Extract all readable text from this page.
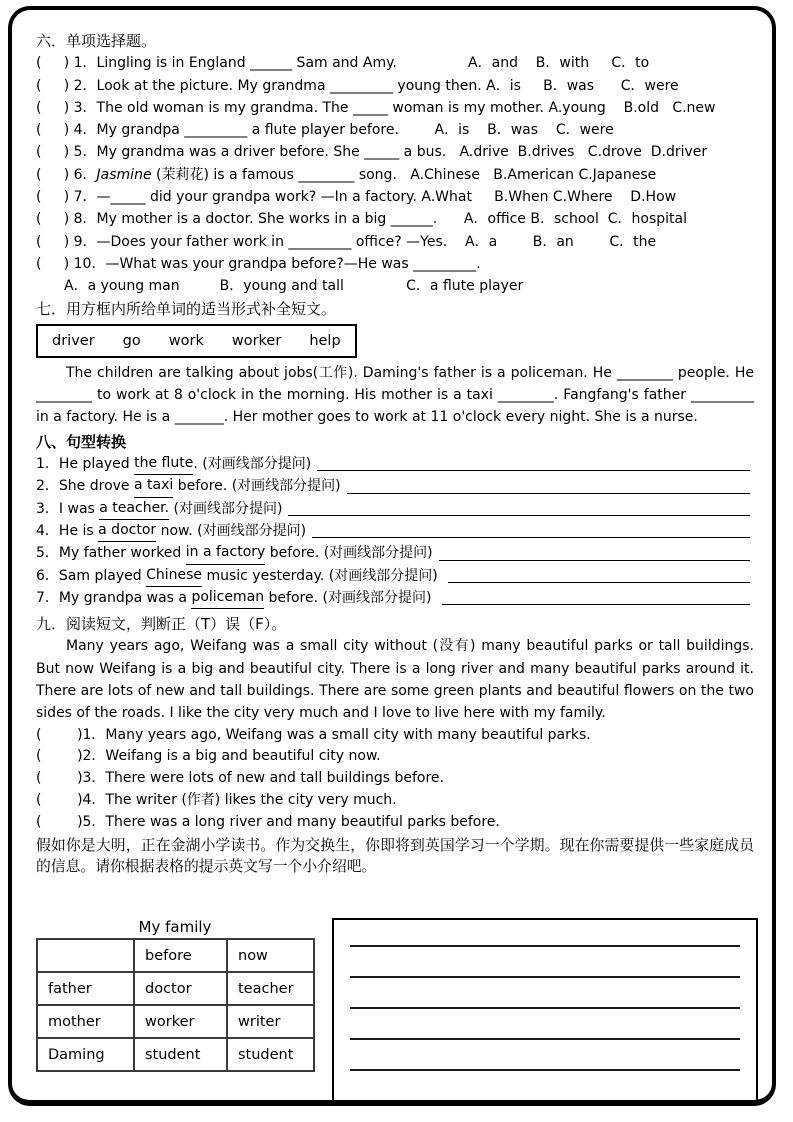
六．单项选择题。
(     ) 1．Lingling is in England ______ Sam and Amy.                A．and    B．with     C．to
(     ) 2．Look at the picture. My grandma _________ young then. A．is     B．was      C．were
(     ) 3．The old woman is my grandma. The _____ woman is my mother. A.young    B.old   C.new
(     ) 4．My grandpa _________ a flute player before.        A．is    B．was    C．were
(     ) 5．My grandma was a driver before. She _____ a bus.   A.drive  B.drives   C.drove  D.driver
(     ) 6．Jasmine (茉莉花) is a famous ________ song.   A.Chinese   B.American C.Japanese
(     ) 7．—_____ did your grandpa work? —In a factory. A.What     B.When C.Where    D.How
(     ) 8．My mother is a doctor. She works in a big ______.      A．office B．school  C．hospital
(     ) 9．—Does your father work in _________ office? —Yes.    A．a        B．an        C．the
(     ) 10．—What was your grandpa before?—He was _________.
A．a young man         B．young and tall              C．a flute player
七．用方框内所给单词的适当形式补全短文。
driver go work worker help

The children are talking about jobs(工作). Daming's father is a policeman. He ________ people. He ________ to work at 8 o'clock in the morning. His mother is a taxi ________. Fangfang's father _________ in a factory. He is a _______. Her mother goes to work at 11 o'clock every night. She is a nurse.

八、句型转换
1． He played the flute . (对画线部分提问)
2． She drove a taxi before. (对画线部分提问)
3． I was a teacher. (对画线部分提问)
4． He is a doctor now. (对画线部分提问)
5． My father worked in a factory before. (对画线部分提问)
6． Sam played Chinese music yesterday. (对画线部分提问)
7． My grandpa was a policeman before. (对画线部分提问)
九．阅读短文，判断正（T）误（F）。

Many years ago, Weifang was a small city without (没有) many beautiful parks or tall buildings. But now Weifang is a big and beautiful city. There is a long river and many beautiful parks around it. There are lots of new and tall buildings. There are some green plants and beautiful flowers on the two sides of the roads. I like the city very much and I love to live here with my family.

(        )1．Many years ago, Weifang was a small city with many beautiful parks.
(        )2．Weifang is a big and beautiful city now.
(        )3．There were lots of new and tall buildings before.
(        )4．The writer (作者) likes the city very much.
(        )5．There was a long river and many beautiful parks before.

假如你是大明，正在金湖小学读书。作为交换生，你即将到英国学习一个学期。现在你需要提供一些家庭成员的信息。请你根据表格的提示英文写一个小介绍吧。

My family
	before	now
father	doctor	teacher
mother	worker	writer
Daming	student	student
